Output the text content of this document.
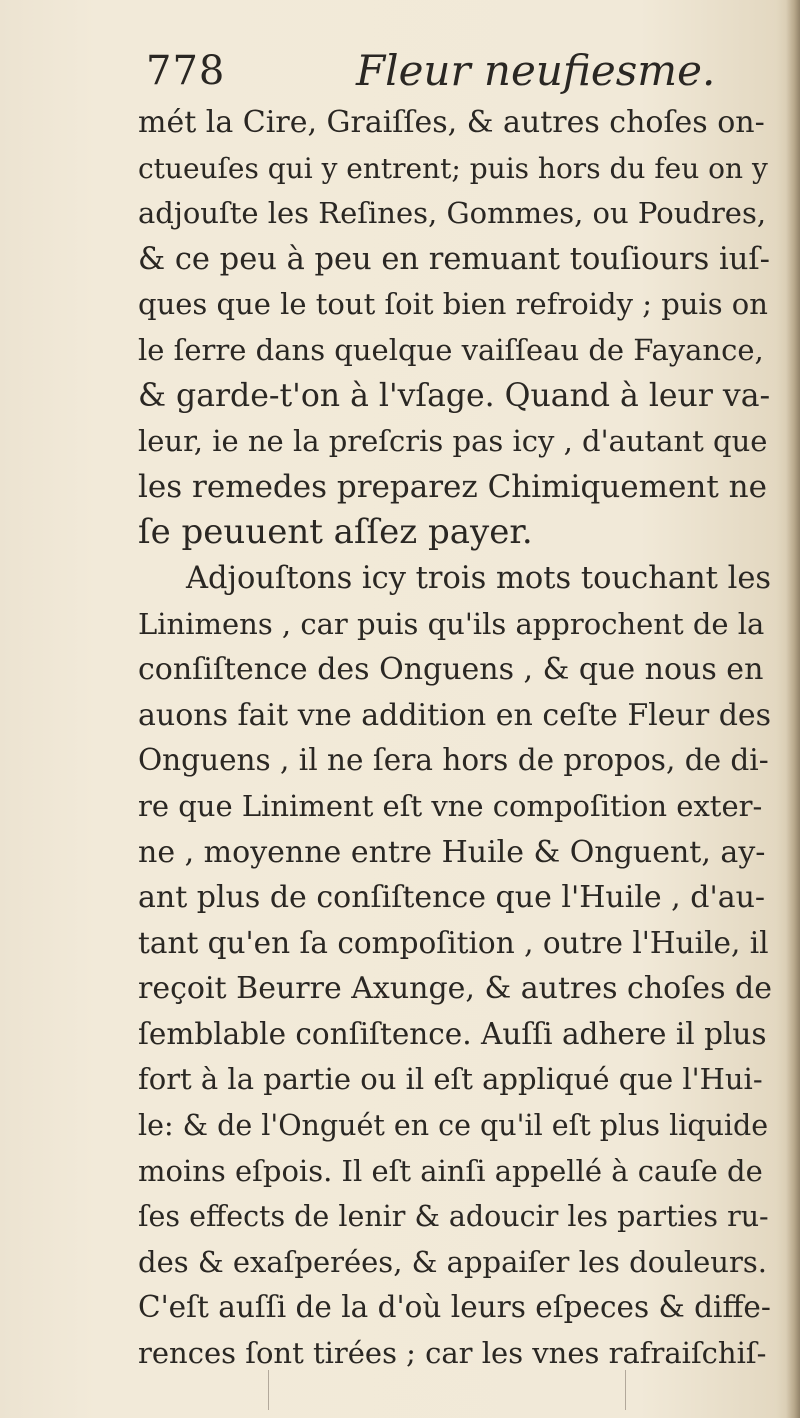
778	Fleur neufiesme.
mét la Cire, Graiſſes, & autres choſes on-
ctueuſes qui y entrent; puis hors du feu on y
adjouſte les Reſines, Gommes, ou Poudres,
& ce peu à peu en remuant touſiours iuſ-
ques que le tout ſoit bien refroidy ; puis on
le ſerre dans quelque vaiſſeau de Fayance,
& garde-t'on à l'vſage. Quand à leur va-
leur, ie ne la preſcris pas icy , d'autant que
les remedes preparez Chimiquement ne
ſe peuuent aſſez payer.
Adjouſtons icy trois mots touchant les
Linimens , car puis qu'ils approchent de la
conſiſtence des Onguens , & que nous en
auons fait vne addition en ceſte Fleur des
Onguens , il ne ſera hors de propos, de di-
re que Liniment eſt vne compoſition exter-
ne , moyenne entre Huile & Onguent, ay-
ant plus de conſiſtence que l'Huile , d'au-
tant qu'en ſa compoſition , outre l'Huile, il
reçoit Beurre Axunge, & autres choſes de
ſemblable conſiſtence. Auſſi adhere il plus
fort à la partie ou il eſt appliqué que l'Hui-
le: & de l'Onguét en ce qu'il eſt plus liquide
moins eſpois. Il eſt ainſi appellé à cauſe de
ſes effects de lenir & adoucir les parties ru-
des & exaſperées, & appaiſer les douleurs.
C'eſt auſſi de la d'où leurs eſpeces & diffe-
rences ſont tirées ; car les vnes rafraiſchiſ-
